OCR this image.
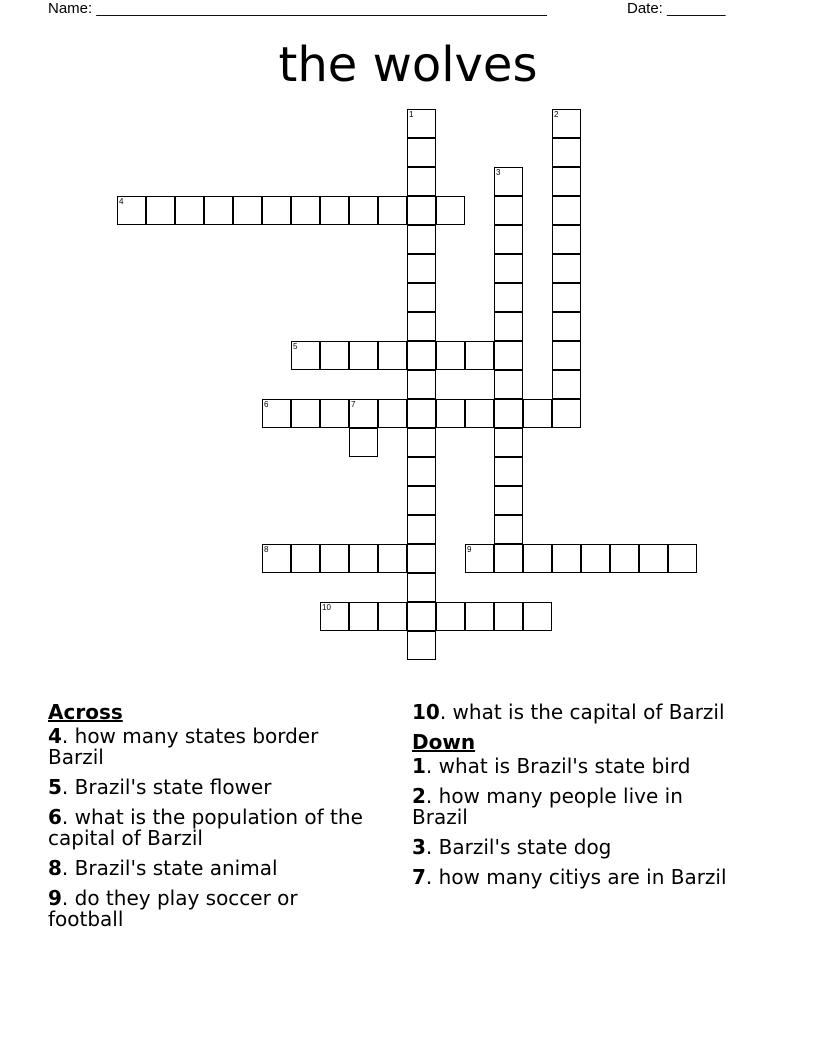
Name: ______________________________________________________	Date: _______
the wolves
1	2
3
4
5
6	7
8	9
10
Across
4. how many states border Barzil
5. Brazil's state flower
6. what is the population of the capital of Barzil
8. Brazil's state animal
9. do they play soccer or football
10. what is the capital of Barzil
Down
1. what is Brazil's state bird
2. how many people live in Brazil
3. Barzil's state dog
7. how many citiys are in Barzil
